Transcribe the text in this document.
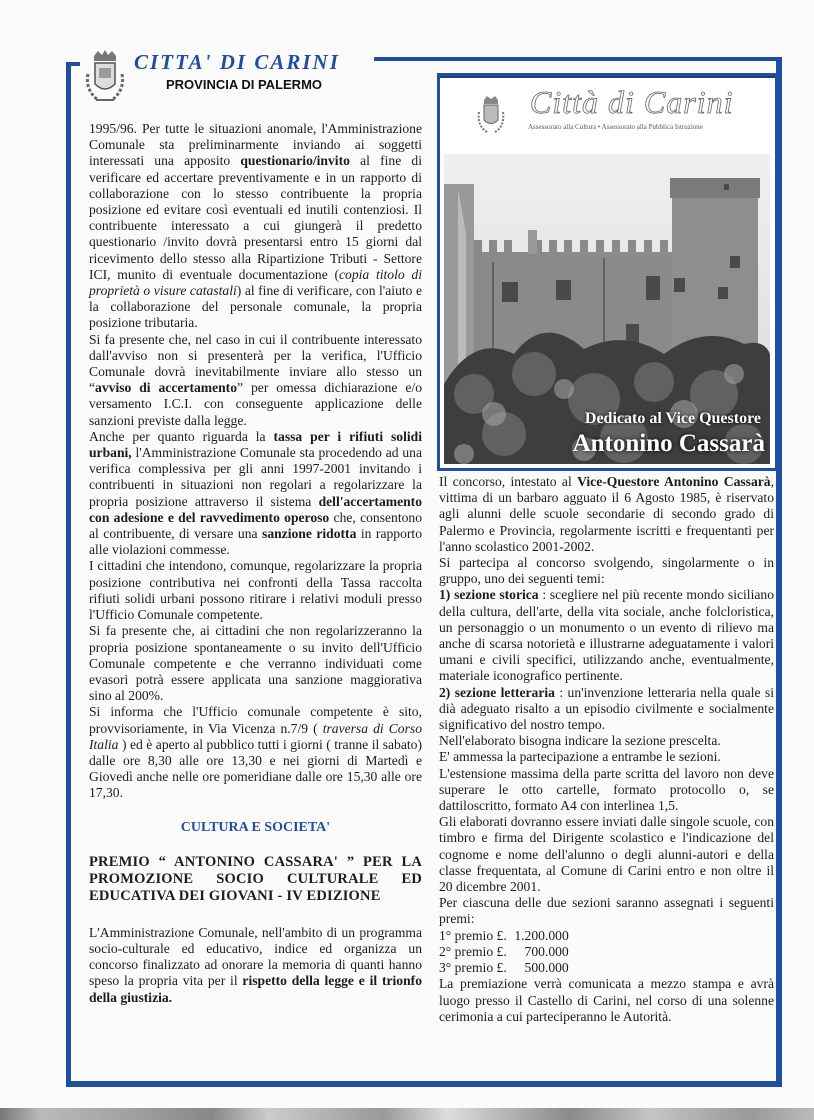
CITTA' DI CARINI
PROVINCIA DI PALERMO

1995/96. Per tutte le situazioni anomale, l'Amministrazione Comunale sta preliminarmente inviando ai soggetti interessati una apposito questionario/invito al fine di verificare ed accertare preventivamente e in un rapporto di collaborazione con lo stesso contribuente la propria posizione ed evitare così eventuali ed inutili contenziosi. Il contribuente interessato a cui giungerà il predetto questionario /invito dovrà presentarsi entro 15 giorni dal ricevimento dello stesso alla Ripartizione Tributi - Settore ICI, munito di eventuale documentazione (copia titolo di proprietà o visure catastali) al fine di verificare, con l'aiuto e la collaborazione del personale comunale, la propria posizione tributaria.

Si fa presente che, nel caso in cui il contribuente interessato dall'avviso non si presenterà per la verifica, l'Ufficio Comunale dovrà inevitabilmente inviare allo stesso un “avviso di accertamento” per omessa dichiarazione e/o versamento I.C.I. con conseguente applicazione delle sanzioni previste dalla legge.

Anche per quanto riguarda la tassa per i rifiuti solidi urbani, l'Amministrazione Comunale sta procedendo ad una verifica complessiva per gli anni 1997-2001 invitando i contribuenti in situazioni non regolari a regolarizzare la propria posizione attraverso il sistema dell'accertamento con adesione e del ravvedimento operoso che, consentono al contribuente, di versare una sanzione ridotta in rapporto alle violazioni commesse.

I cittadini che intendono, comunque, regolarizzare la propria posizione contributiva nei confronti della Tassa raccolta rifiuti solidi urbani possono ritirare i relativi moduli presso l'Ufficio Comunale competente.

Si fa presente che, ai cittadini che non regolarizzeranno la propria posizione spontaneamente o su invito dell'Ufficio Comunale competente e che verranno individuati come evasori potrà essere applicata una sanzione maggiorativa sino al 200%.

Si informa che l'Ufficio comunale competente è sito, provvisoriamente, in Via Vicenza n.7/9 ( traversa di Corso Italia ) ed è aperto al pubblico tutti i giorni ( tranne il sabato) dalle ore 8,30 alle ore 13,30 e nei giorni di Martedì e Giovedì anche nelle ore pomeridiane dalle ore 15,30 alle ore 17,30.

CULTURA E SOCIETA'

PREMIO “ ANTONINO CASSARA' ” PER LA PROMOZIONE SOCIO CULTURALE ED EDUCATIVA DEI GIOVANI - IV EDIZIONE

L'Amministrazione Comunale, nell'ambito di un programma socio-culturale ed educativo, indice ed organizza un concorso finalizzato ad onorare la memoria di quanti hanno speso la propria vita per il rispetto della legge e il trionfo della giustizia.

Città di Carini
Assessorato alla Cultura • Assessorato alla Pubblica Istruzione
Dedicato al Vice Questore
Antonino Cassarà

Il concorso, intestato al Vice-Questore Antonino Cassarà, vittima di un barbaro agguato il 6 Agosto 1985, è riservato agli alunni delle scuole secondarie di secondo grado di Palermo e Provincia, regolarmente iscritti e frequentanti per l'anno scolastico 2001-2002.

Si partecipa al concorso svolgendo, singolarmente o in gruppo, uno dei seguenti temi:

1) sezione storica : scegliere nel più recente mondo siciliano della cultura, dell'arte, della vita sociale, anche folcloristica, un personaggio o un monumento o un evento di rilievo ma anche di scarsa notorietà e illustrarne adeguatamente i valori umani e civili specifici, utilizzando anche, eventualmente, materiale iconografico pertinente.

2) sezione letteraria : un'invenzione letteraria nella quale si dià adeguato risalto a un episodio civilmente e socialmente significativo del nostro tempo.

Nell'elaborato bisogna indicare la sezione prescelta.

E' ammessa la partecipazione a entrambe le sezioni.

L'estensione massima della parte scritta del lavoro non deve superare le otto cartelle, formato protocollo o, se dattiloscritto, formato A4 con interlinea 1,5.

Gli elaborati dovranno essere inviati dalle singole scuole, con timbro e firma del Dirigente scolastico e l'indicazione del cognome e nome dell'alunno o degli alunni-autori e della classe frequentata, al Comune di Carini entro e non oltre il 20 dicembre 2001.

Per ciascuna delle due sezioni saranno assegnati i seguenti premi:

1° premio £. 1.200.000

2° premio £. 700.000

3° premio £. 500.000

La premiazione verrà comunicata a mezzo stampa e avrà luogo presso il Castello di Carini, nel corso di una solenne cerimonia a cui parteciperanno le Autorità.
